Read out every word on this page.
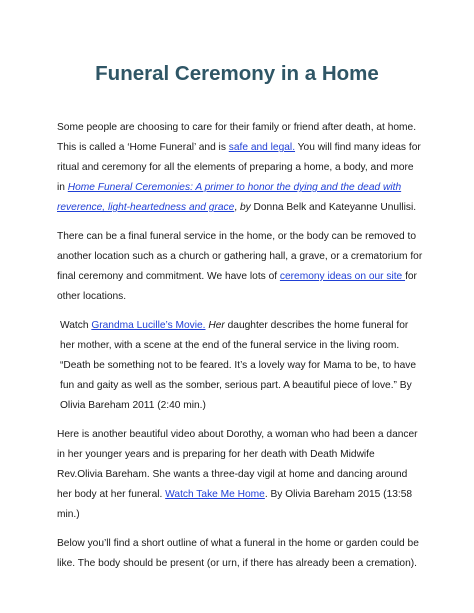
Funeral Ceremony in a Home

Some people are choosing to care for their family or friend after death, at home. This is called a ‘Home Funeral’ and is safe and legal. You will find many ideas for ritual and ceremony for all the elements of preparing a home, a body, and more in Home Funeral Ceremonies: A primer to honor the dying and the dead with reverence, light-heartedness and grace, by Donna Belk and Kateyanne Unullisi.

There can be a final funeral service in the home, or the body can be removed to another location such as a church or gathering hall, a grave, or a crematorium for final ceremony and commitment. We have lots of ceremony ideas on our site for other locations.

Watch Grandma Lucille’s Movie. Her daughter describes the home funeral for her mother, with a scene at the end of the funeral service in the living room. “Death be something not to be feared. It’s a lovely way for Mama to be, to have fun and gaity as well as the somber, serious part. A beautiful piece of love.” By Olivia Bareham 2011 (2:40 min.)

Here is another beautiful video about Dorothy, a woman who had been a dancer in her younger years and is preparing for her death with Death Midwife Rev.Olivia Bareham. She wants a three-day vigil at home and dancing around her body at her funeral. Watch Take Me Home. By Olivia Bareham 2015 (13:58 min.)

Below you’ll find a short outline of what a funeral in the home or garden could be like. The body should be present (or urn, if there has already been a cremation).
